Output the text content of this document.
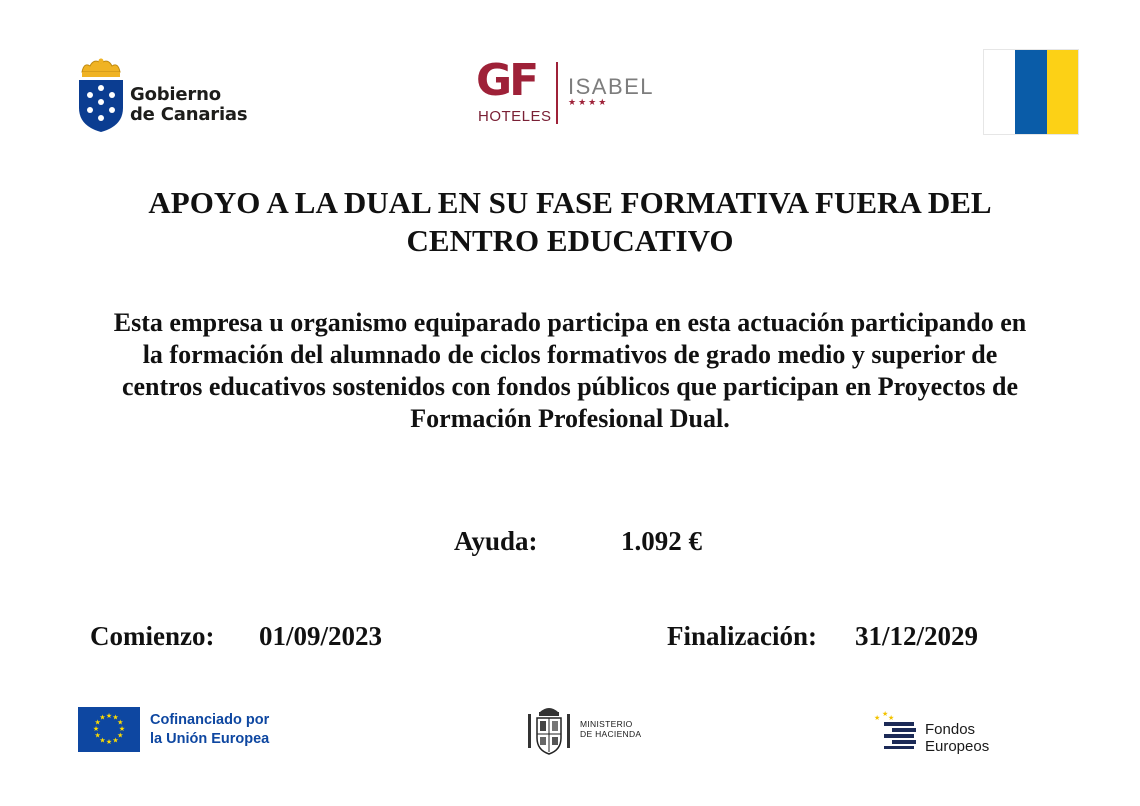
Gobierno
de Canarias
GF
HOTELES
ISABEL
★★★★
APOYO A LA DUAL EN SU FASE FORMATIVA FUERA DEL
CENTRO EDUCATIVO
Esta empresa u organismo equiparado participa en esta actuación participando en
la formación del alumnado de ciclos formativos de grado medio y superior de
centros educativos sostenidos con fondos públicos que participan en Proyectos de
Formación Profesional Dual.
Ayuda:	1.092 €
Comienzo: 01/09/2023	Finalización: 31/12/2029
★ ★
★
★
★
★
★
★
★
★
★
★	Cofinanciado por
la Unión Europea
MINISTERIO
DE HACIENDA
★ ★ ★
Fondos Europeos
